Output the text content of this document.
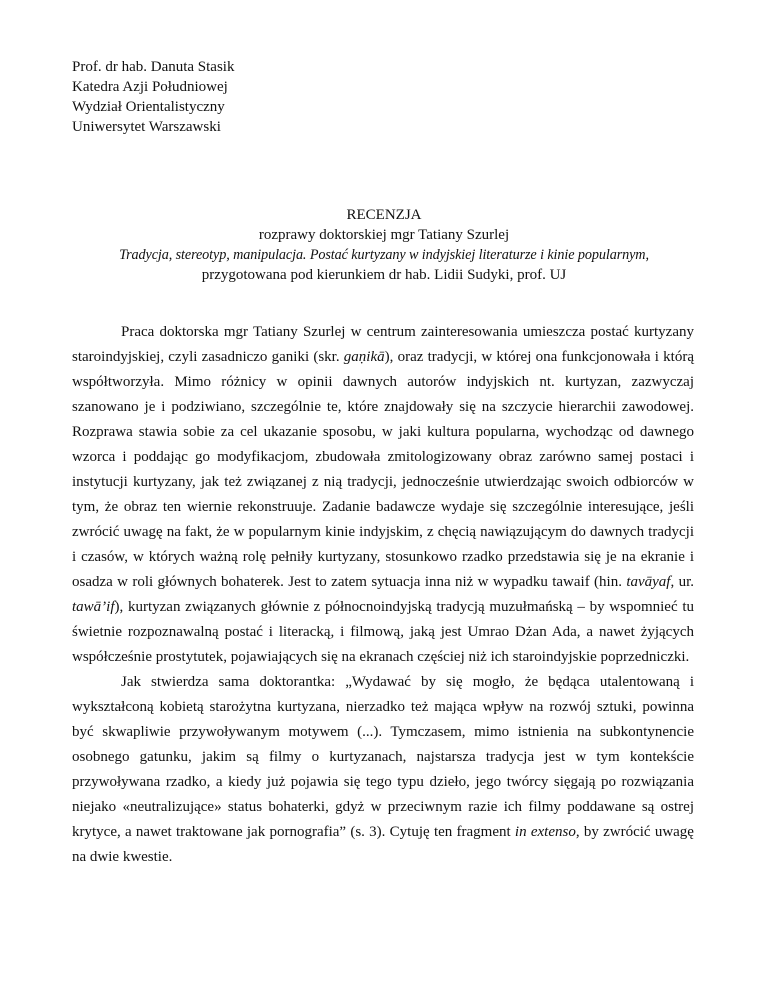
Prof. dr hab. Danuta Stasik
Katedra Azji Południowej
Wydział Orientalistyczny
Uniwersytet Warszawski
RECENZJA
rozprawy doktorskiej mgr Tatiany Szurlej
Tradycja, stereotyp, manipulacja. Postać kurtyzany w indyjskiej literaturze i kinie popularnym,
przygotowana pod kierunkiem dr hab. Lidii Sudyki, prof. UJ

Praca doktorska mgr Tatiany Szurlej w centrum zainteresowania umieszcza postać kurtyzany staroindyjskiej, czyli zasadniczo ganiki (skr. gaṇikā), oraz tradycji, w której ona funkcjonowała i którą współtworzyła. Mimo różnicy w opinii dawnych autorów indyjskich nt. kurtyzan, zazwyczaj szanowano je i podziwiano, szczególnie te, które znajdowały się na szczycie hierarchii zawodowej. Rozprawa stawia sobie za cel ukazanie sposobu, w jaki kultura popularna, wychodząc od dawnego wzorca i poddając go modyfikacjom, zbudowała zmitologizowany obraz zarówno samej postaci i instytucji kurtyzany, jak też związanej z nią tradycji, jednocześnie utwierdzając swoich odbiorców w tym, że obraz ten wiernie rekonstruuje. Zadanie badawcze wydaje się szczególnie interesujące, jeśli zwrócić uwagę na fakt, że w popularnym kinie indyjskim, z chęcią nawiązującym do dawnych tradycji i czasów, w których ważną rolę pełniły kurtyzany, stosunkowo rzadko przedstawia się je na ekranie i osadza w roli głównych bohaterek. Jest to zatem sytuacja inna niż w wypadku tawaif (hin. tavāyaf, ur. tawā’if), kurtyzan związanych głównie z północnoindyjską tradycją muzułmańską – by wspomnieć tu świetnie rozpoznawalną postać i literacką, i filmową, jaką jest Umrao Dżan Ada, a nawet żyjących współcześnie prostytutek, pojawiających się na ekranach częściej niż ich staroindyjskie poprzedniczki.

Jak stwierdza sama doktorantka: „Wydawać by się mogło, że będąca utalentowaną i wykształconą kobietą starożytna kurtyzana, nierzadko też mająca wpływ na rozwój sztuki, powinna być skwapliwie przywoływanym motywem (...). Tymczasem, mimo istnienia na subkontynencie osobnego gatunku, jakim są filmy o kurtyzanach, najstarsza tradycja jest w tym kontekście przywoływana rzadko, a kiedy już pojawia się tego typu dzieło, jego twórcy sięgają po rozwiązania niejako «neutralizujące» status bohaterki, gdyż w przeciwnym razie ich filmy poddawane są ostrej krytyce, a nawet traktowane jak pornografia” (s. 3). Cytuję ten fragment in extenso, by zwrócić uwagę na dwie kwestie.
